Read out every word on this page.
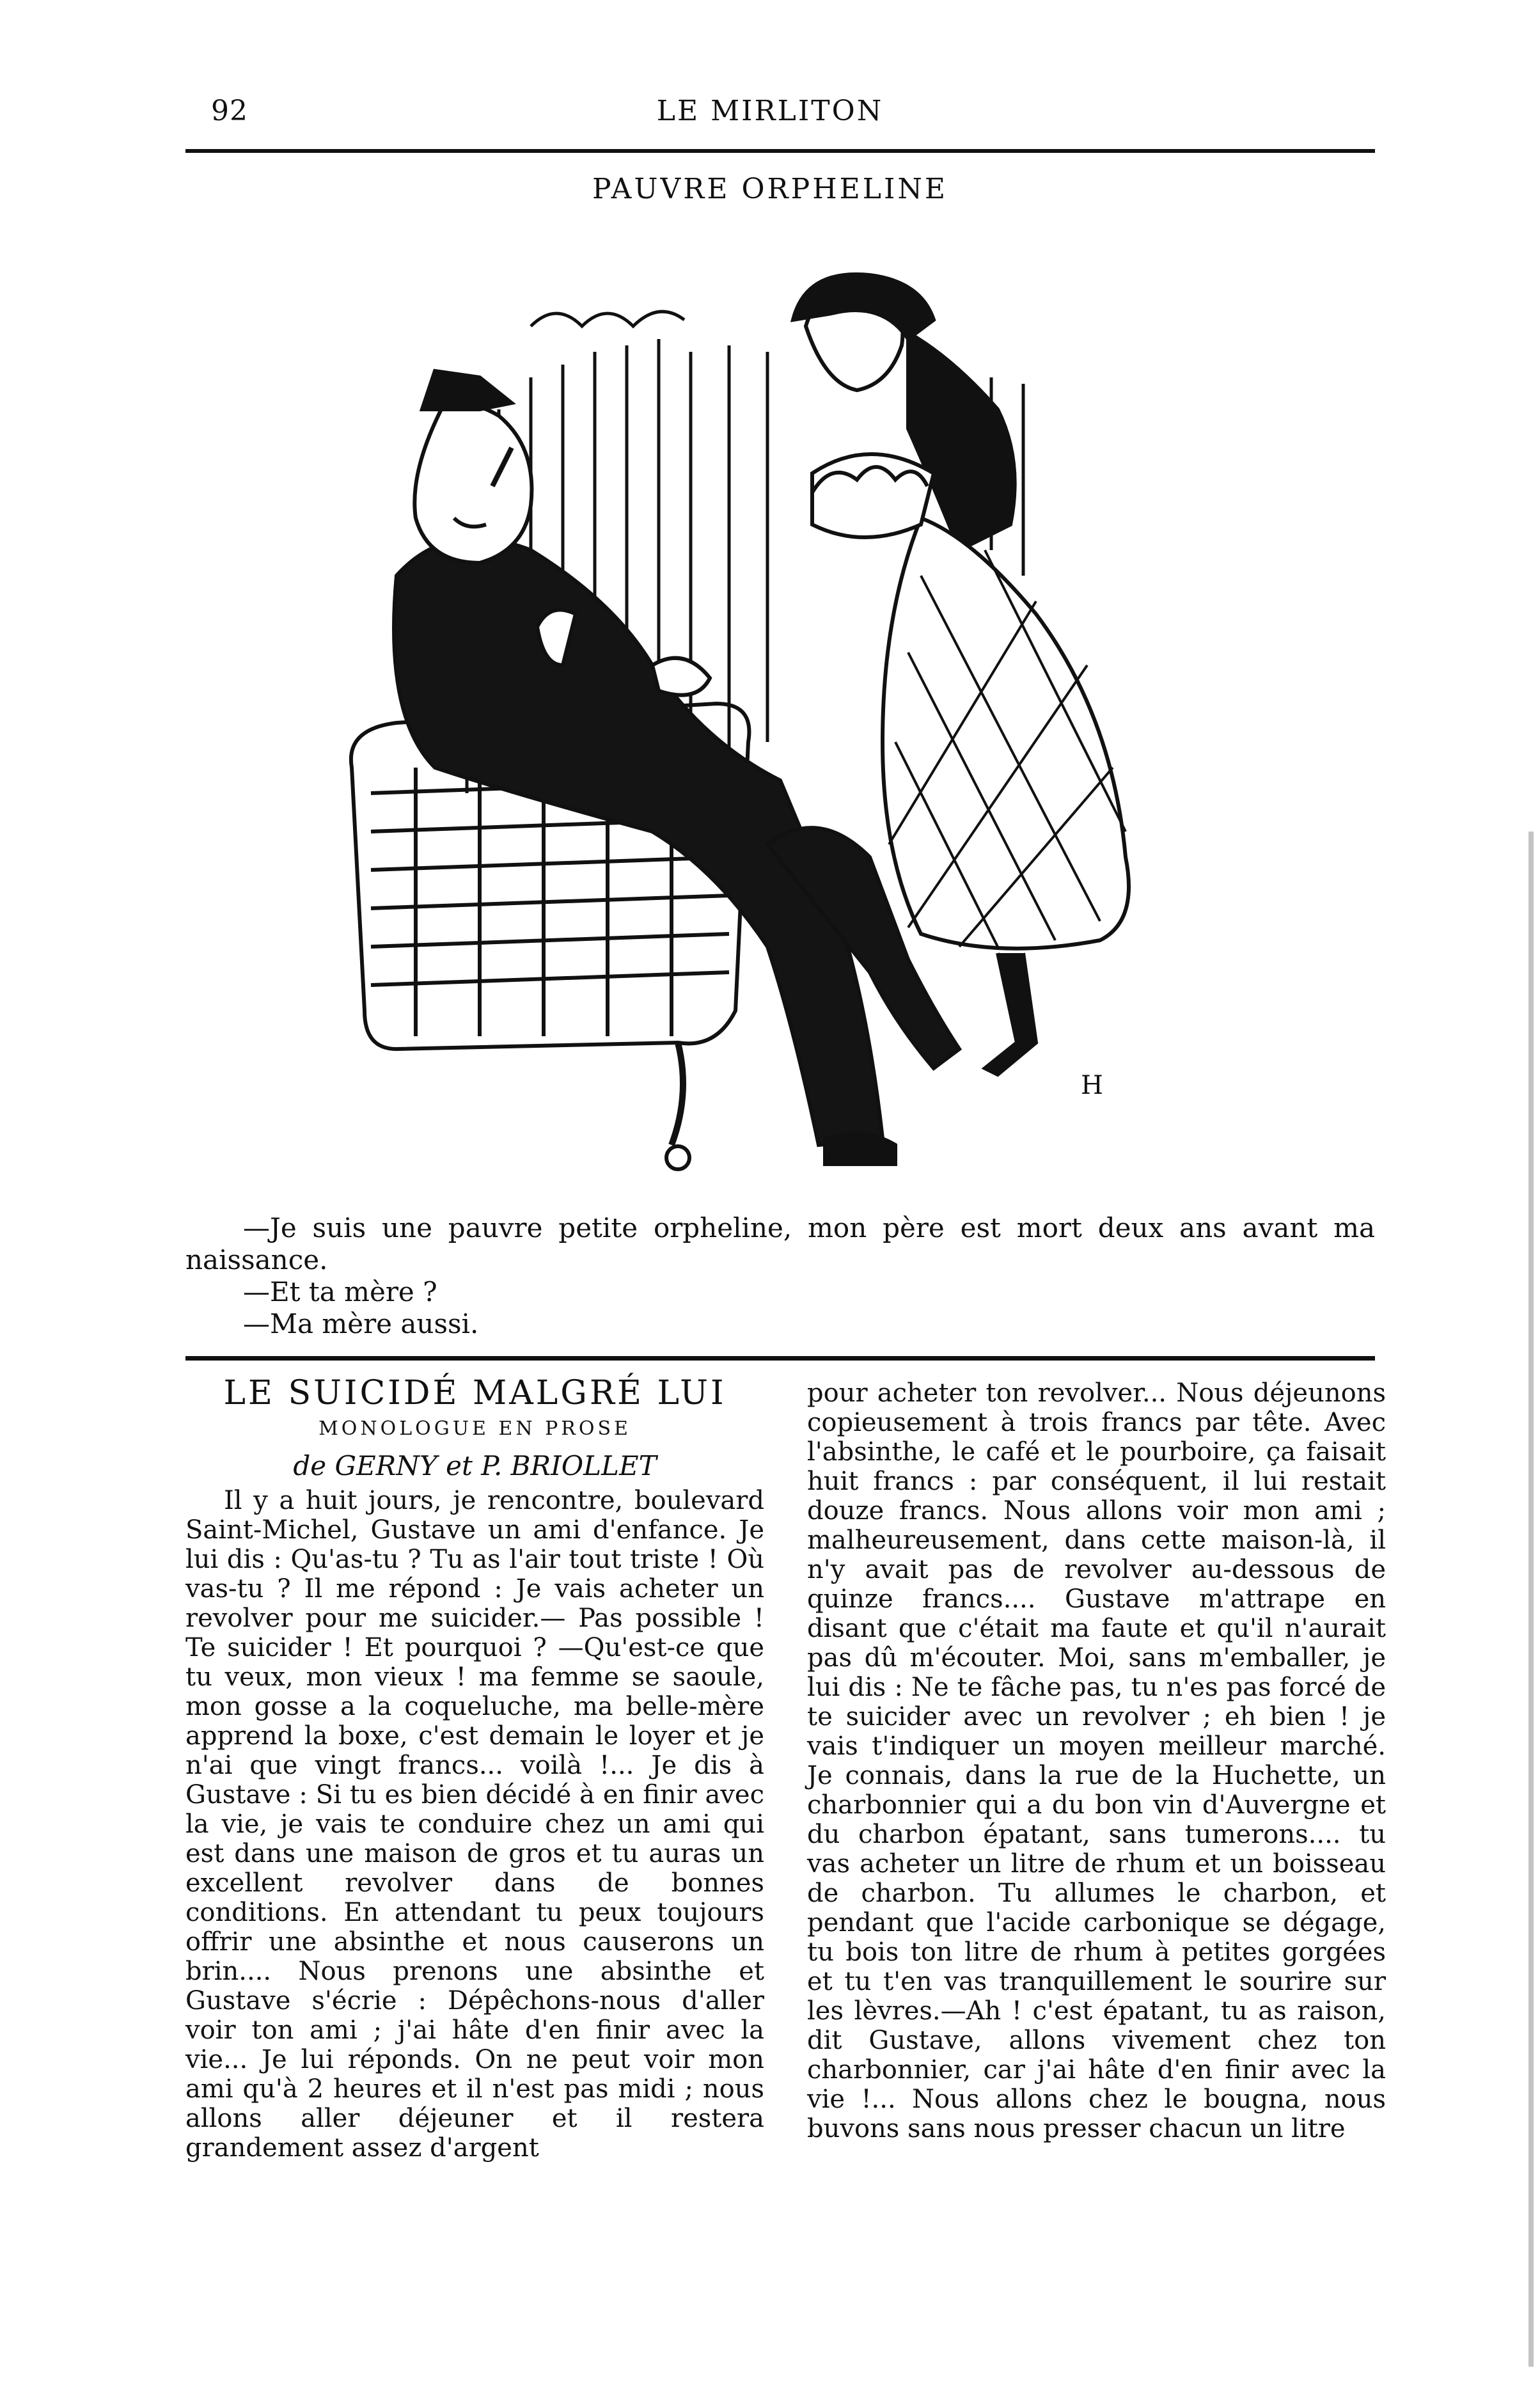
92	LE MIRLITON
PAUVRE ORPHELINE
H

—Je suis une pauvre petite orpheline, mon père est mort deux ans avant ma naissance.

—Et ta mère ?

—Ma mère aussi.

LE SUICIDÉ MALGRÉ LUI
MONOLOGUE EN PROSE
de GERNY et P. BRIOLLET

Il y a huit jours, je rencontre, boulevard Saint-Michel, Gustave un ami d'enfance. Je lui dis : Qu'as-tu ? Tu as l'air tout triste ! Où vas-tu ? Il me répond : Je vais acheter un revolver pour me suicider.— Pas possible ! Te suicider ! Et pourquoi ? —Qu'est-ce que tu veux, mon vieux ! ma femme se saoule, mon gosse a la coqueluche, ma belle-mère apprend la boxe, c'est demain le loyer et je n'ai que vingt francs... voilà !... Je dis à Gustave : Si tu es bien décidé à en finir avec la vie, je vais te conduire chez un ami qui est dans une maison de gros et tu auras un excellent revolver dans de bonnes conditions. En attendant tu peux toujours offrir une absinthe et nous causerons un brin.... Nous prenons une absinthe et Gustave s'écrie : Dépêchons-nous d'aller voir ton ami ; j'ai hâte d'en finir avec la vie... Je lui réponds. On ne peut voir mon ami qu'à 2 heures et il n'est pas midi ; nous allons aller déjeuner et il restera grandement assez d'argent

pour acheter ton revolver... Nous déjeunons copieusement à trois francs par tête. Avec l'absinthe, le café et le pourboire, ça faisait huit francs : par conséquent, il lui restait douze francs. Nous allons voir mon ami ; malheureusement, dans cette maison-là, il n'y avait pas de revolver au-dessous de quinze francs.... Gustave m'attrape en disant que c'était ma faute et qu'il n'aurait pas dû m'écouter. Moi, sans m'emballer, je lui dis : Ne te fâche pas, tu n'es pas forcé de te suicider avec un revolver ; eh bien ! je vais t'indiquer un moyen meilleur marché. Je connais, dans la rue de la Huchette, un charbonnier qui a du bon vin d'Auvergne et du charbon épatant, sans tumerons.... tu vas acheter un litre de rhum et un boisseau de charbon. Tu allumes le charbon, et pendant que l'acide carbonique se dégage, tu bois ton litre de rhum à petites gorgées et tu t'en vas tranquillement le sourire sur les lèvres.—Ah ! c'est épatant, tu as raison, dit Gustave, allons vivement chez ton charbonnier, car j'ai hâte d'en finir avec la vie !... Nous allons chez le bougna, nous buvons sans nous presser chacun un litre
